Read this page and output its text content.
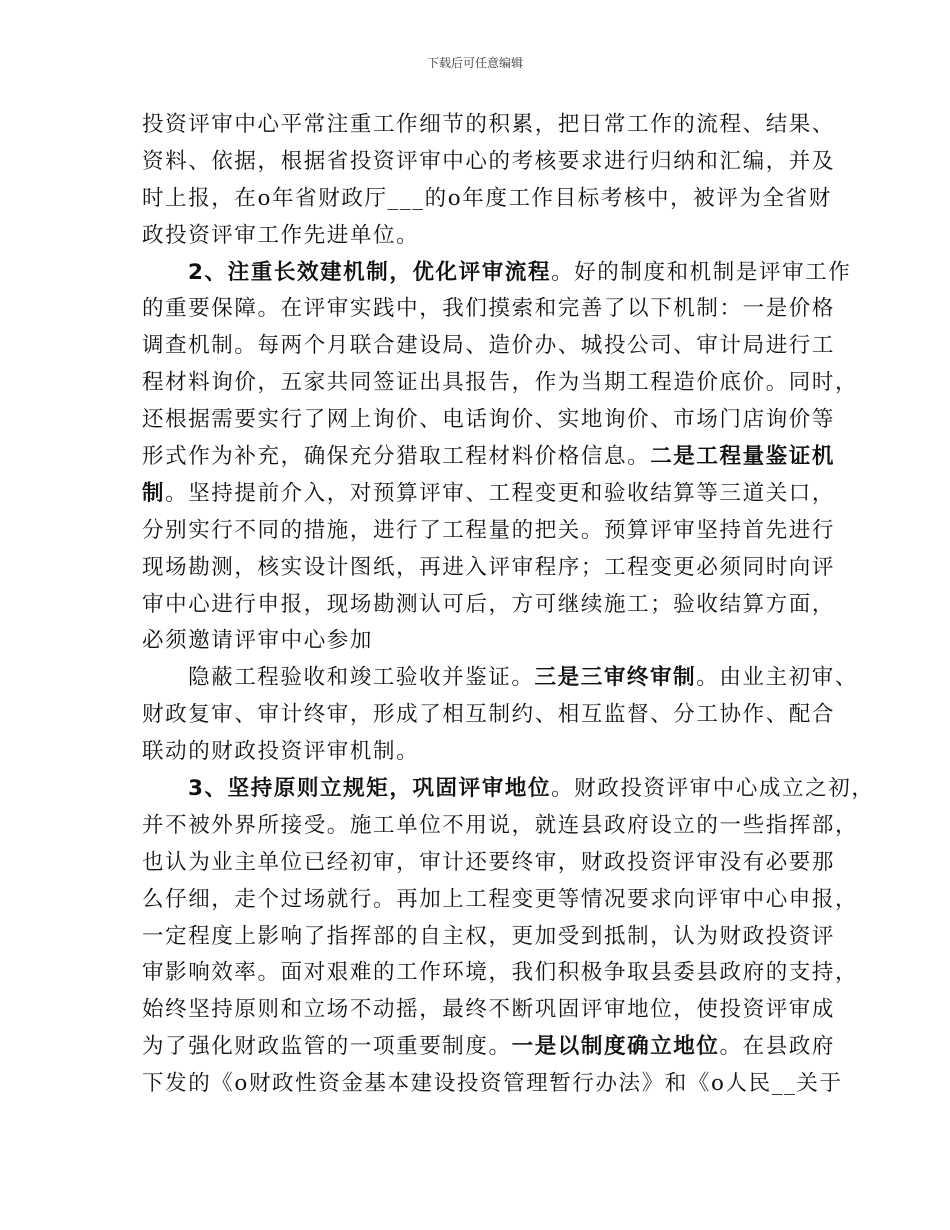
下载后可任意编辑
投资评审中心平常注重工作细节的积累，把日常工作的流程、结果、
资料、依据，根据省投资评审中心的考核要求进行归纳和汇编，并及
时上报，在o年省财政厅___的o年度工作目标考核中，被评为全省财
政投资评审工作先进单位。
2、注重长效建机制，优化评审流程。好的制度和机制是评审工作
的重要保障。在评审实践中，我们摸索和完善了以下机制：一是价格
调查机制。每两个月联合建设局、造价办、城投公司、审计局进行工
程材料询价，五家共同签证出具报告，作为当期工程造价底价。同时，
还根据需要实行了网上询价、电话询价、实地询价、市场门店询价等
形式作为补充，确保充分猎取工程材料价格信息。二是工程量鉴证机
制。坚持提前介入，对预算评审、工程变更和验收结算等三道关口，
分别实行不同的措施，进行了工程量的把关。预算评审坚持首先进行
现场勘测，核实设计图纸，再进入评审程序；工程变更必须同时向评
审中心进行申报，现场勘测认可后，方可继续施工；验收结算方面，
必须邀请评审中心参加
隐蔽工程验收和竣工验收并鉴证。三是三审终审制。由业主初审、
财政复审、审计终审，形成了相互制约、相互监督、分工协作、配合
联动的财政投资评审机制。
3、坚持原则立规矩，巩固评审地位。财政投资评审中心成立之初，
并不被外界所接受。施工单位不用说，就连县政府设立的一些指挥部，
也认为业主单位已经初审，审计还要终审，财政投资评审没有必要那
么仔细，走个过场就行。再加上工程变更等情况要求向评审中心申报，
一定程度上影响了指挥部的自主权，更加受到抵制，认为财政投资评
审影响效率。面对艰难的工作环境，我们积极争取县委县政府的支持，
始终坚持原则和立场不动摇，最终不断巩固评审地位，使投资评审成
为了强化财政监管的一项重要制度。一是以制度确立地位。在县政府
下发的《o财政性资金基本建设投资管理暂行办法》和《o人民__关于
